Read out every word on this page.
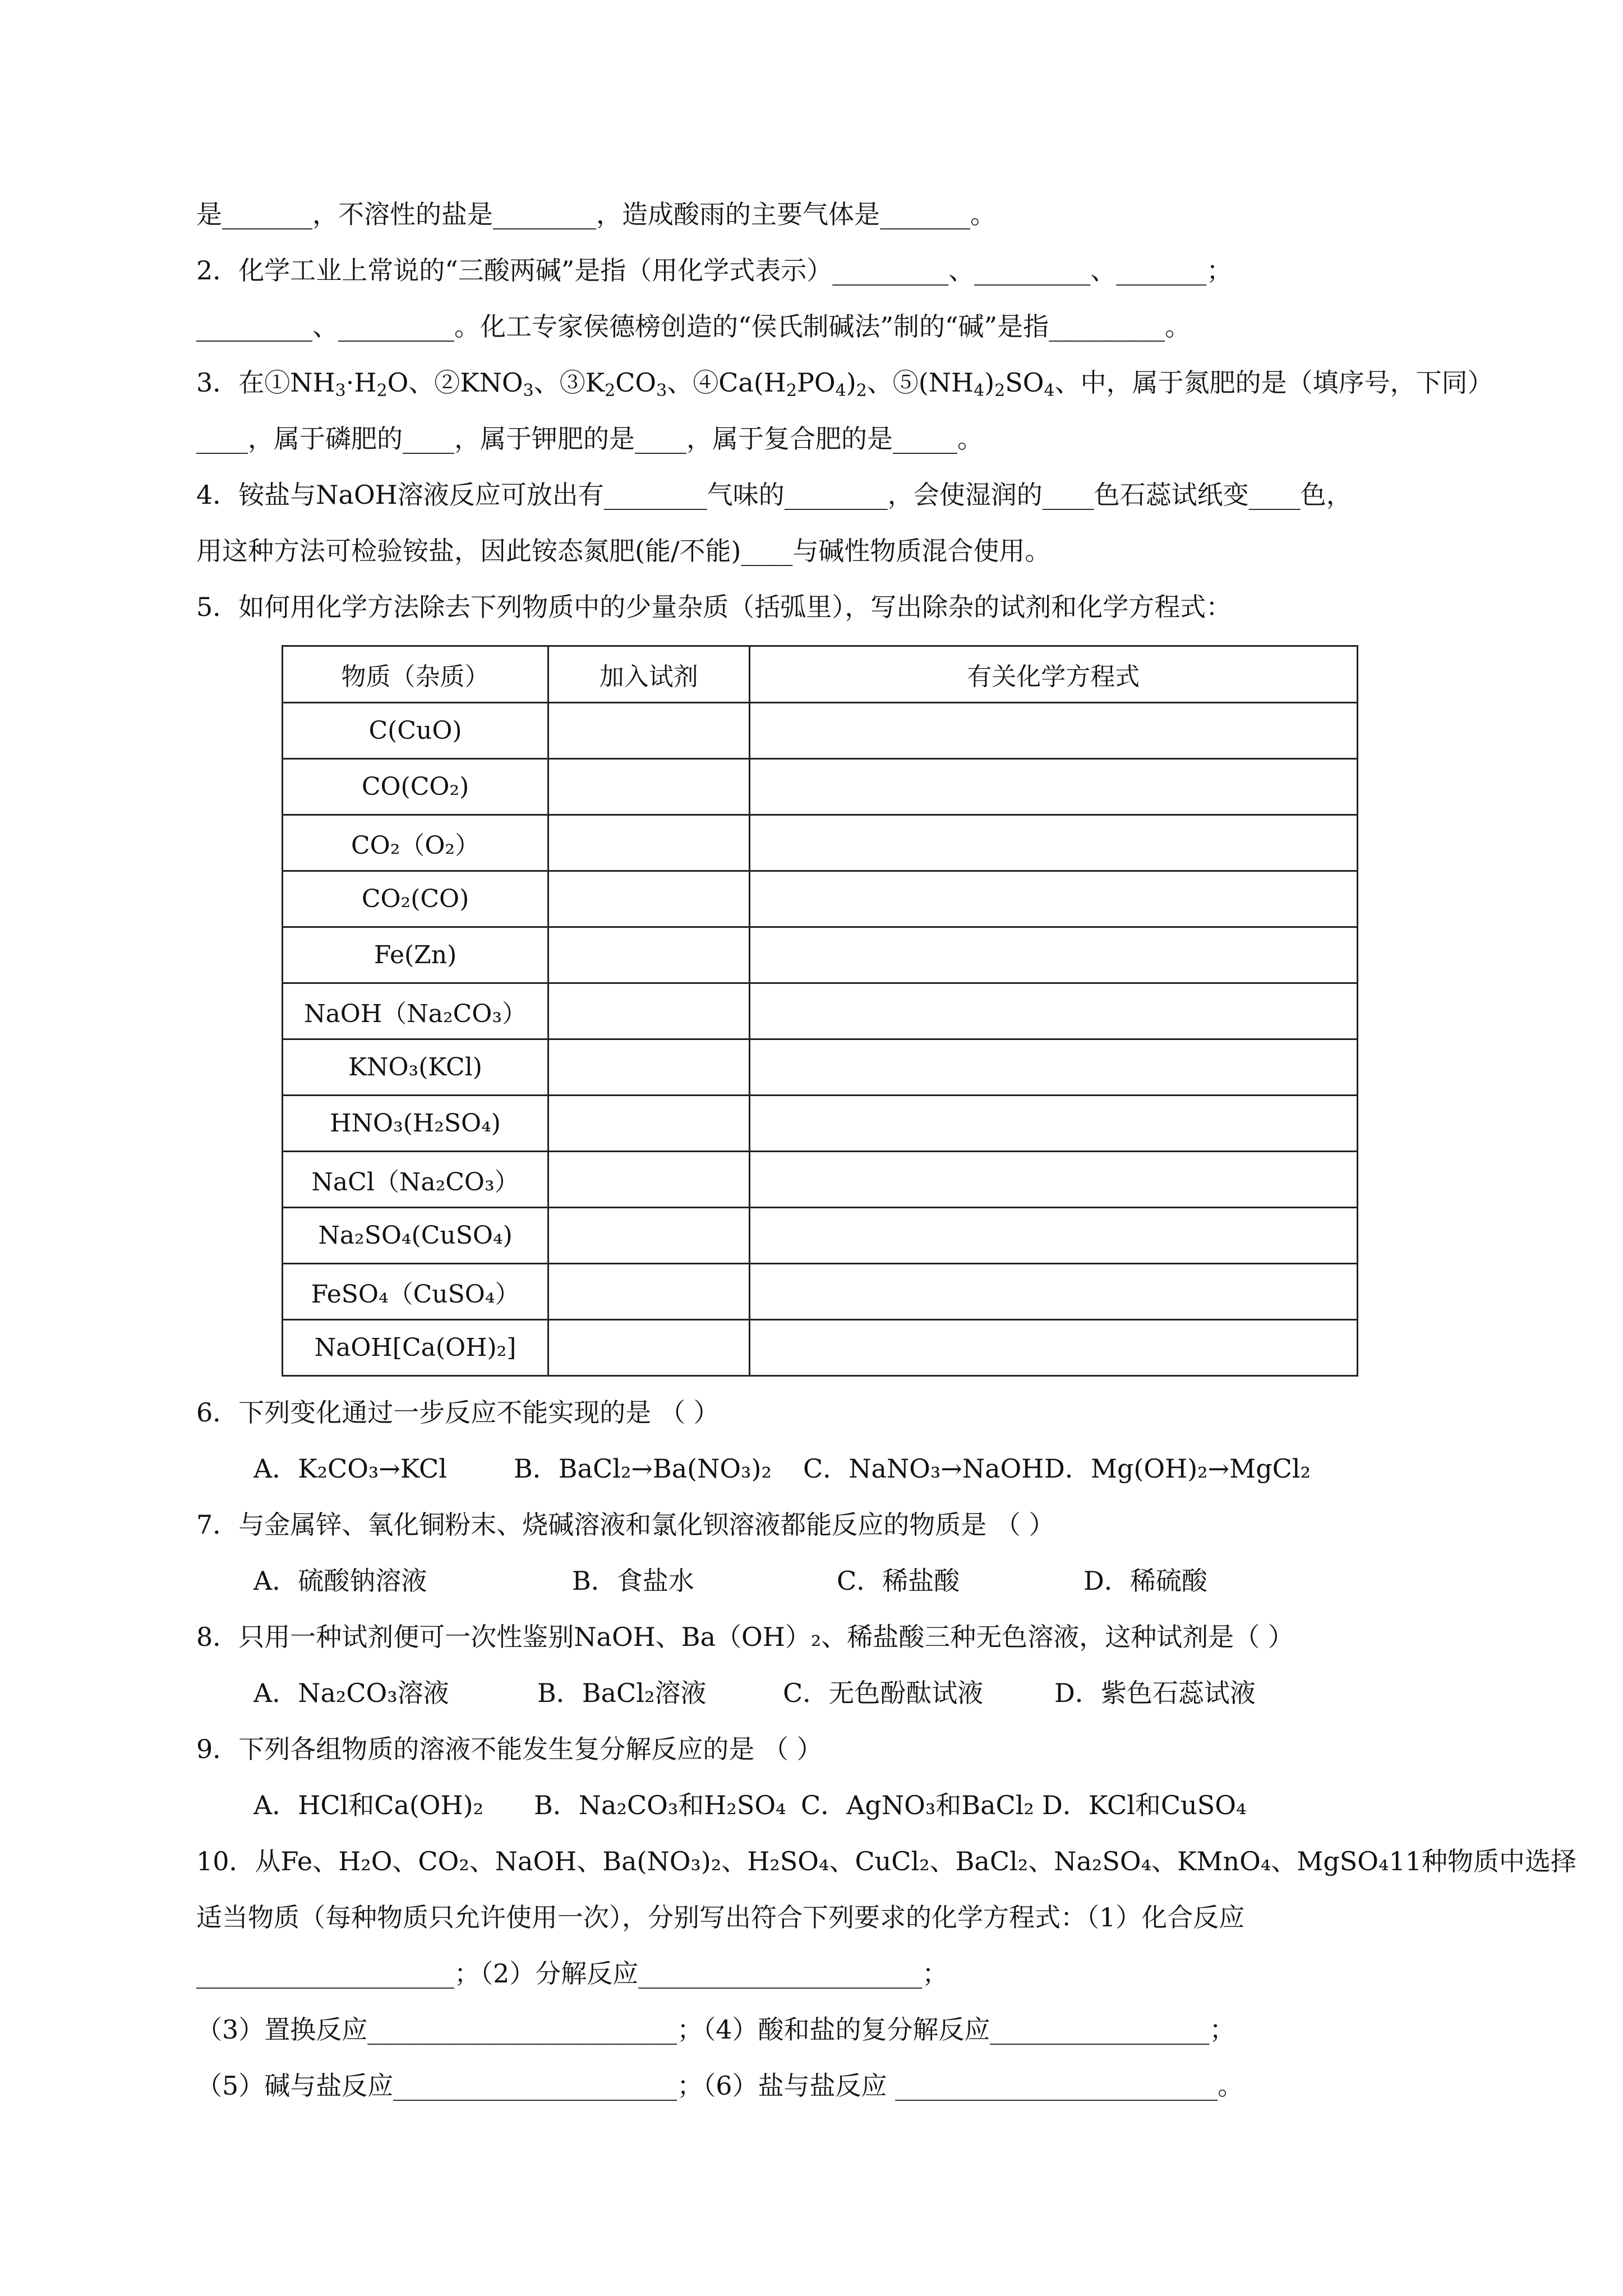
是_______，不溶性的盐是________，造成酸雨的主要气体是_______。
2．化学工业上常说的“三酸两碱”是指（用化学式表示）_________、_________、_______；
_________、_________。化工专家侯德榜创造的“侯氏制碱法”制的“碱”是指_________。
3．在$①NH_3\cdot H_2O$、$②KNO_3$、$③K_2CO_3$、$④Ca(H_2PO_4)_2$、$⑤(NH_4)_2SO_4$、中，属于氮肥的是（填序号，下同）
____，属于磷肥的____，属于钾肥的是____，属于复合肥的是_____。
4．铵盐与NaOH溶液反应可放出有________气味的________，会使湿润的____色石蕊试纸变____色，
用这种方法可检验铵盐，因此铵态氮肥(能/不能)____与碱性物质混合使用。
5．如何用化学方法除去下列物质中的少量杂质（括弧里），写出除杂的试剂和化学方程式：
物质（杂质）	加入试剂	有关化学方程式
C(CuO)		
CO(CO₂)		
CO₂（O₂）		
CO₂(CO)		
Fe(Zn)		
NaOH（Na₂CO₃）		
KNO₃(KCl)		
HNO₃(H₂SO₄)		
NaCl（Na₂CO₃）		
Na₂SO₄(CuSO₄)		
FeSO₄（CuSO₄）		
NaOH[Ca(OH)₂]		
6．下列变化通过一步反应不能实现的是 （ ）
A．K₂CO₃→KCl	B．BaCl₂→Ba(NO₃)₂ C．NaNO₃→NaOH D．Mg(OH)₂→MgCl₂
7．与金属锌、氧化铜粉末、烧碱溶液和氯化钡溶液都能反应的物质是 （ ）
A．硫酸钠溶液	B．食盐水	C．稀盐酸	D．稀硫酸
8．只用一种试剂便可一次性鉴别NaOH、Ba（OH）₂、稀盐酸三种无色溶液，这种试剂是（ ）
A．Na₂CO₃溶液	B．BaCl₂溶液	C．无色酚酞试液	D．紫色石蕊试液
9．下列各组物质的溶液不能发生复分解反应的是 （ ）
A．HCl和Ca(OH)₂ B．Na₂CO₃和H₂SO₄ C．AgNO₃和BaCl₂ D．KCl和CuSO₄
10．从Fe、H₂O、CO₂、NaOH、Ba(NO₃)₂、H₂SO₄、CuCl₂、BaCl₂、Na₂SO₄、KMnO₄、MgSO₄11种物质中选择
适当物质（每种物质只允许使用一次），分别写出符合下列要求的化学方程式：（1）化合反应
____________________；（2）分解反应______________________；
（3）置换反应________________________；（4）酸和盐的复分解反应_________________；
（5）碱与盐反应______________________；（6）盐与盐反应 _________________________。
